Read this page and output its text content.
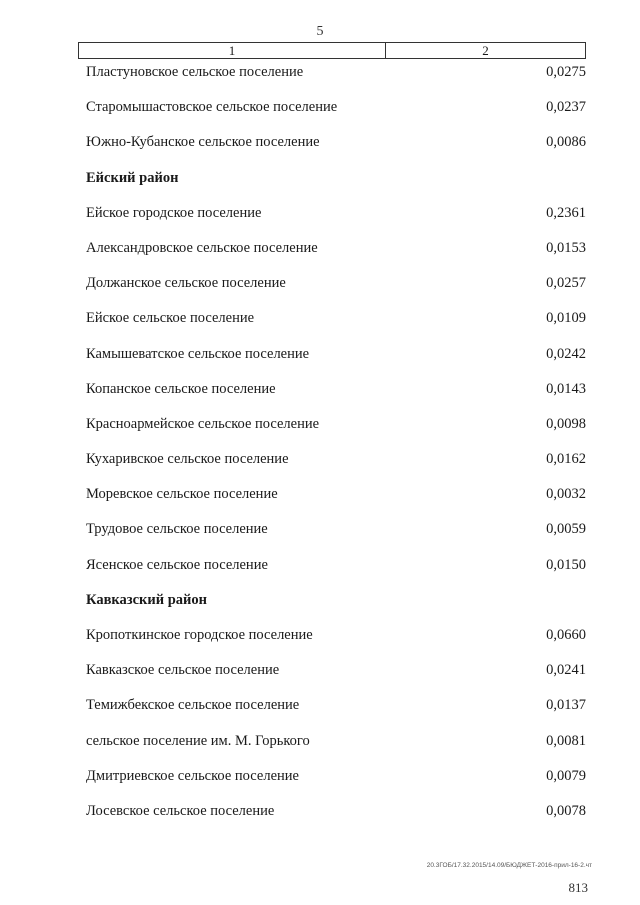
5
1	2
Пластуновское сельское поселение	0,0275
Старомышастовское сельское поселение	0,0237
Южно-Кубанское сельское поселение	0,0086
Ейский район
Ейское городское поселение	0,2361
Александровское сельское поселение	0,0153
Должанское сельское поселение	0,0257
Ейское сельское поселение	0,0109
Камышеватское сельское поселение	0,0242
Копанское сельское поселение	0,0143
Красноармейское сельское поселение	0,0098
Кухаривское сельское поселение	0,0162
Моревское сельское поселение	0,0032
Трудовое сельское поселение	0,0059
Ясенское сельское поселение	0,0150
Кавказский район
Кропоткинское городское поселение	0,0660
Кавказское сельское поселение	0,0241
Темижбекское сельское поселение	0,0137
сельское поселение им. М. Горького	0,0081
Дмитриевское сельское поселение	0,0079
Лосевское сельское поселение	0,0078
20.3ГОБ/17.32.2015/14.09/БЮДЖЕТ-2016-прил-16-2.чт
813
